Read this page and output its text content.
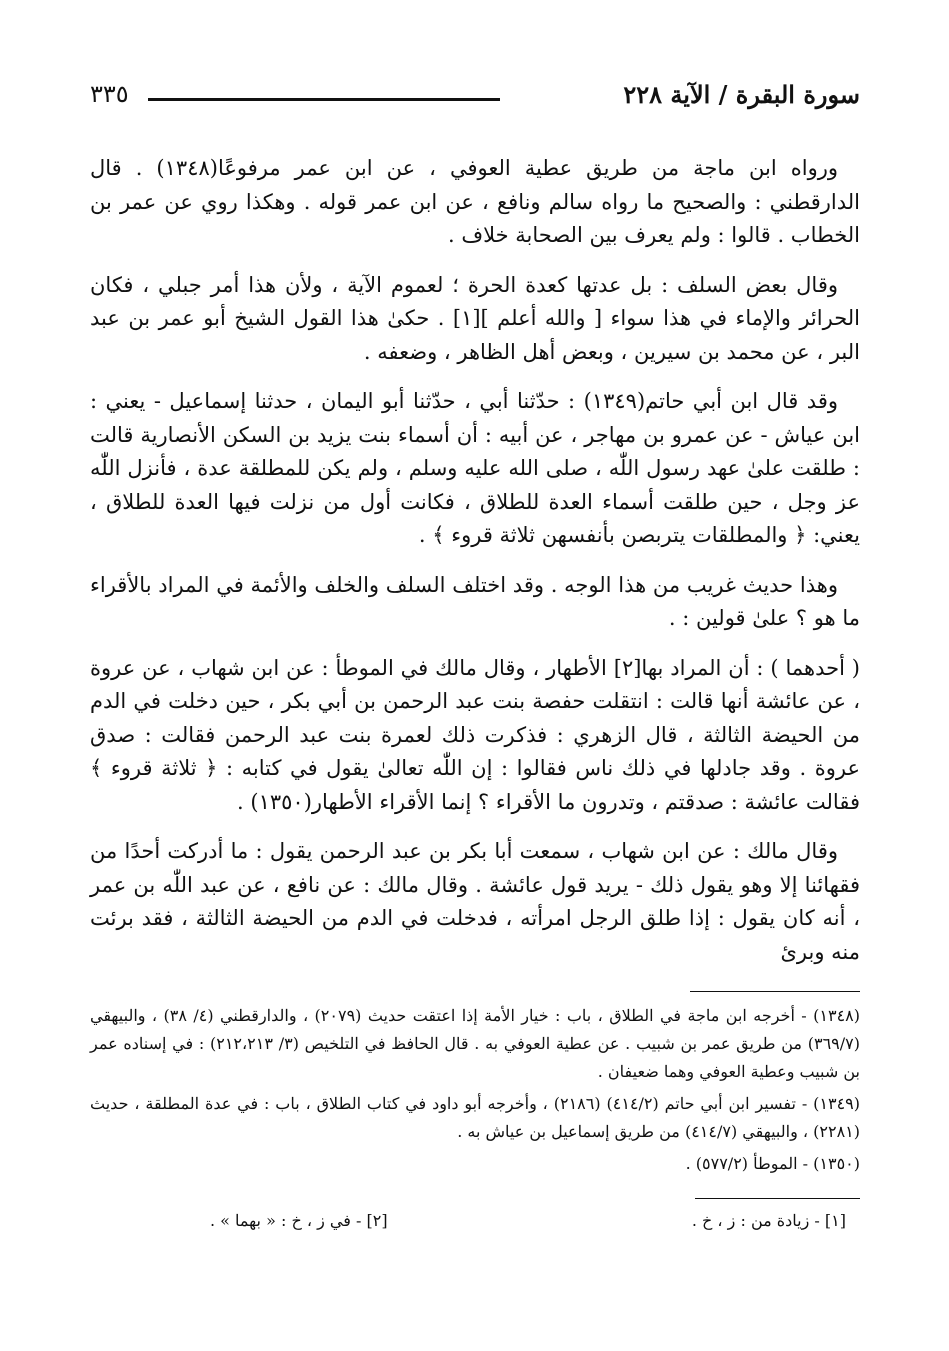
سورة البقرة / الآية ٢٢٨
٣٣٥

ورواه ابن ماجة من طريق عطية العوفي ، عن ابن عمر مرفوعًا(١٣٤٨) . قال الدارقطني : والصحيح ما رواه سالم ونافع ، عن ابن عمر قوله . وهكذا روي عن عمر بن الخطاب . قالوا : ولم يعرف بين الصحابة خلاف .

وقال بعض السلف : بل عدتها كعدة الحرة ؛ لعموم الآية ، ولأن هذا أمر جبلي ، فكان الحرائر والإماء في هذا سواء [ والله أعلم ][١] . حكىٰ هذا القول الشيخ أبو عمر بن عبد البر ، عن محمد بن سيرين ، وبعض أهل الظاهر ، وضعفه .

وقد قال ابن أبي حاتم(١٣٤٩) : حدّثنا أبي ، حدّثنا أبو اليمان ، حدثنا إسماعيل - يعني : ابن عياش - عن عمرو بن مهاجر ، عن أبيه : أن أسماء بنت يزيد بن السكن الأنصارية قالت : طلقت علىٰ عهد رسول اللّٰه ، صلى الله عليه وسلم ، ولم يكن للمطلقة عدة ، فأنزل اللّٰه عز وجل ، حين طلقت أسماء العدة للطلاق ، فكانت أول من نزلت فيها العدة للطلاق ، يعني: ﴿ والمطلقات يتربصن بأنفسهن ثلاثة قروء ﴾ .

وهذا حديث غريب من هذا الوجه . وقد اختلف السلف والخلف والأئمة في المراد بالأقراء ما هو ؟ علىٰ قولين : .

( أحدهما ) : أن المراد بها[٢] الأطهار ، وقال مالك في الموطأ : عن ابن شهاب ، عن عروة ، عن عائشة أنها قالت : انتقلت حفصة بنت عبد الرحمن بن أبي بكر ، حين دخلت في الدم من الحيضة الثالثة ، قال الزهري : فذكرت ذلك لعمرة بنت عبد الرحمن فقالت : صدق عروة . وقد جادلها في ذلك ناس فقالوا : إن اللّٰه تعالىٰ يقول في كتابه : ﴿ ثلاثة قروء ﴾ فقالت عائشة : صدقتم ، وتدرون ما الأقراء ؟ إنما الأقراء الأطهار(١٣٥٠) .

وقال مالك : عن ابن شهاب ، سمعت أبا بكر بن عبد الرحمن يقول : ما أدركت أحدًا من فقهائنا إلا وهو يقول ذلك - يريد قول عائشة . وقال مالك : عن نافع ، عن عبد اللّٰه بن عمر ، أنه كان يقول : إذا طلق الرجل امرأته ، فدخلت في الدم من الحيضة الثالثة ، فقد برئت منه وبرئ

(١٣٤٨) - أخرجه ابن ماجة في الطلاق ، باب : خيار الأمة إذا اعتقت حديث (٢٠٧٩) ، والدارقطني (٤/ ٣٨) ، والبيهقي (٣٦٩/٧) من طريق عمر بن شبيب . عن عطية العوفي به . قال الحافظ في التلخيص (٣/ ٢١٢،٢١٣) : في إسناده عمر بن شبيب وعطية العوفي وهما ضعيفان .

(١٣٤٩) - تفسير ابن أبي حاتم (٤١٤/٢) (٢١٨٦) ، وأخرجه أبو داود في كتاب الطلاق ، باب : في عدة المطلقة ، حديث (٢٢٨١) ، والبيهقي (٤١٤/٧) من طريق إسماعيل بن عياش به .

(١٣٥٠) - الموطأ (٥٧٧/٢) .

[١] - زيادة من : ز ، خ .
[٢] - في ز ، خ : « بهما » .
